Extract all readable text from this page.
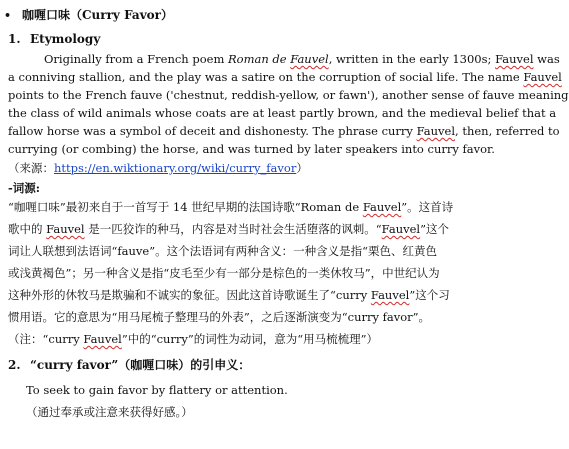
• 咖喱口味（Curry Favor）
1. Etymology
Originally from a French poem Roman de Fauvel, written in the early 1300s; Fauvel was
a conniving stallion, and the play was a satire on the corruption of social life. The name Fauvel
points to the French fauve ('chestnut, reddish-yellow, or fawn'), another sense of fauve meaning
the class of wild animals whose coats are at least partly brown, and the medieval belief that a
fallow horse was a symbol of deceit and dishonesty. The phrase curry Fauvel, then, referred to
currying (or combing) the horse, and was turned by later speakers into curry favor.
（来源：https://en.wiktionary.org/wiki/curry_favor）
-词源:
“咖喱口味”最初来自于一首写于 14 世纪早期的法国诗歌“Roman de Fauvel”。这首诗
歌中的 Fauvel 是一匹狡诈的种马，内容是对当时社会生活堕落的讽刺。“Fauvel”这个
词让人联想到法语词“fauve”。这个法语词有两种含义：一种含义是指“栗色、红黄色
或浅黄褐色”；另一种含义是指“皮毛至少有一部分是棕色的一类休牧马”，中世纪认为
这种外形的休牧马是欺骗和不诚实的象征。因此这首诗歌诞生了“curry Fauvel”这个习
惯用语。它的意思为“用马尾梳子整理马的外表”，之后逐渐演变为“curry favor”。
（注：“curry Fauvel”中的“curry”的词性为动词，意为“用马梳梳理”）
2. “curry favor”（咖喱口味）的引申义：
To seek to gain favor by flattery or attention.
（通过奉承或注意来获得好感。）
